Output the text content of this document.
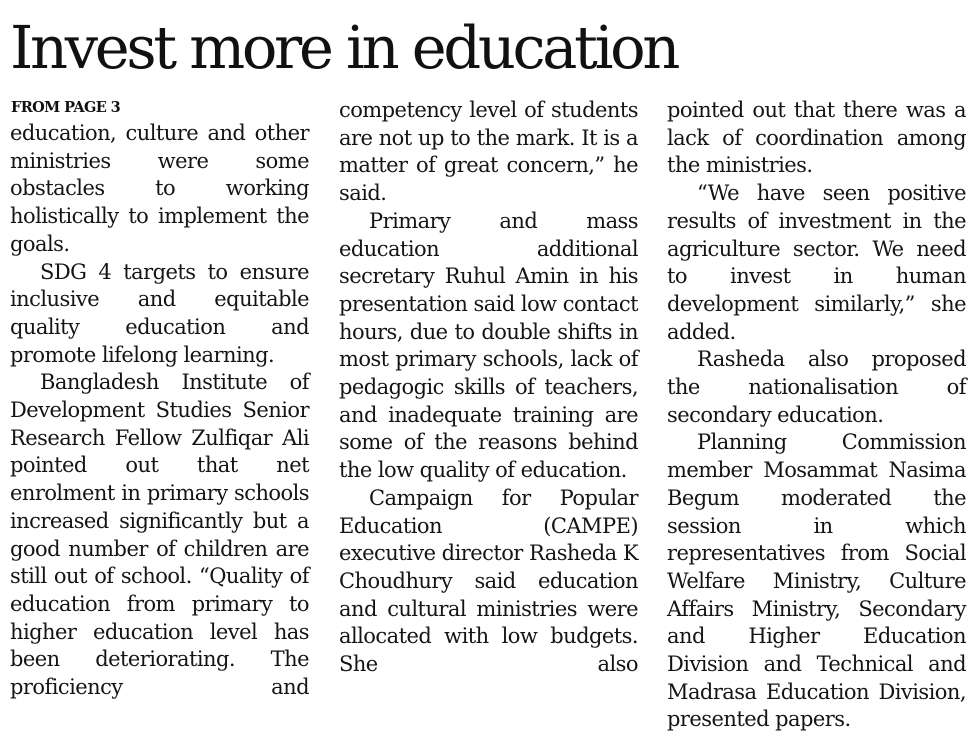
Invest more in education
FROM PAGE 3

education, culture and other ministries were some obstacles to working holistically to implement the goals.

SDG 4 targets to ensure inclusive and equitable quality education and promote lifelong learning.

Bangladesh Institute of Development Studies Senior Research Fellow Zulfiqar Ali pointed out that net enrolment in primary schools increased significantly but a good number of children are still out of school. “Quality of education from primary to higher education level has been deteriorating. The proficiency and

competency level of students are not up to the mark. It is a matter of great concern,” he said.

Primary and mass education additional secretary Ruhul Amin in his presentation said low contact hours, due to double shifts in most primary schools, lack of pedagogic skills of teachers, and inadequate training are some of the reasons behind the low quality of education.

Campaign for Popular Education (CAMPE) executive director Rasheda K Choudhury said education and cultural ministries were allocated with low budgets. She also

pointed out that there was a lack of coordination among the ministries.

“We have seen positive results of investment in the agriculture sector. We need to invest in human development similarly,” she added.

Rasheda also proposed the nationalisation of secondary education.

Planning Commission member Mosammat Nasima Begum moderated the session in which representatives from Social Welfare Ministry, Culture Affairs Ministry, Secondary and Higher Education Division and Technical and Madrasa Education Division, presented papers.
